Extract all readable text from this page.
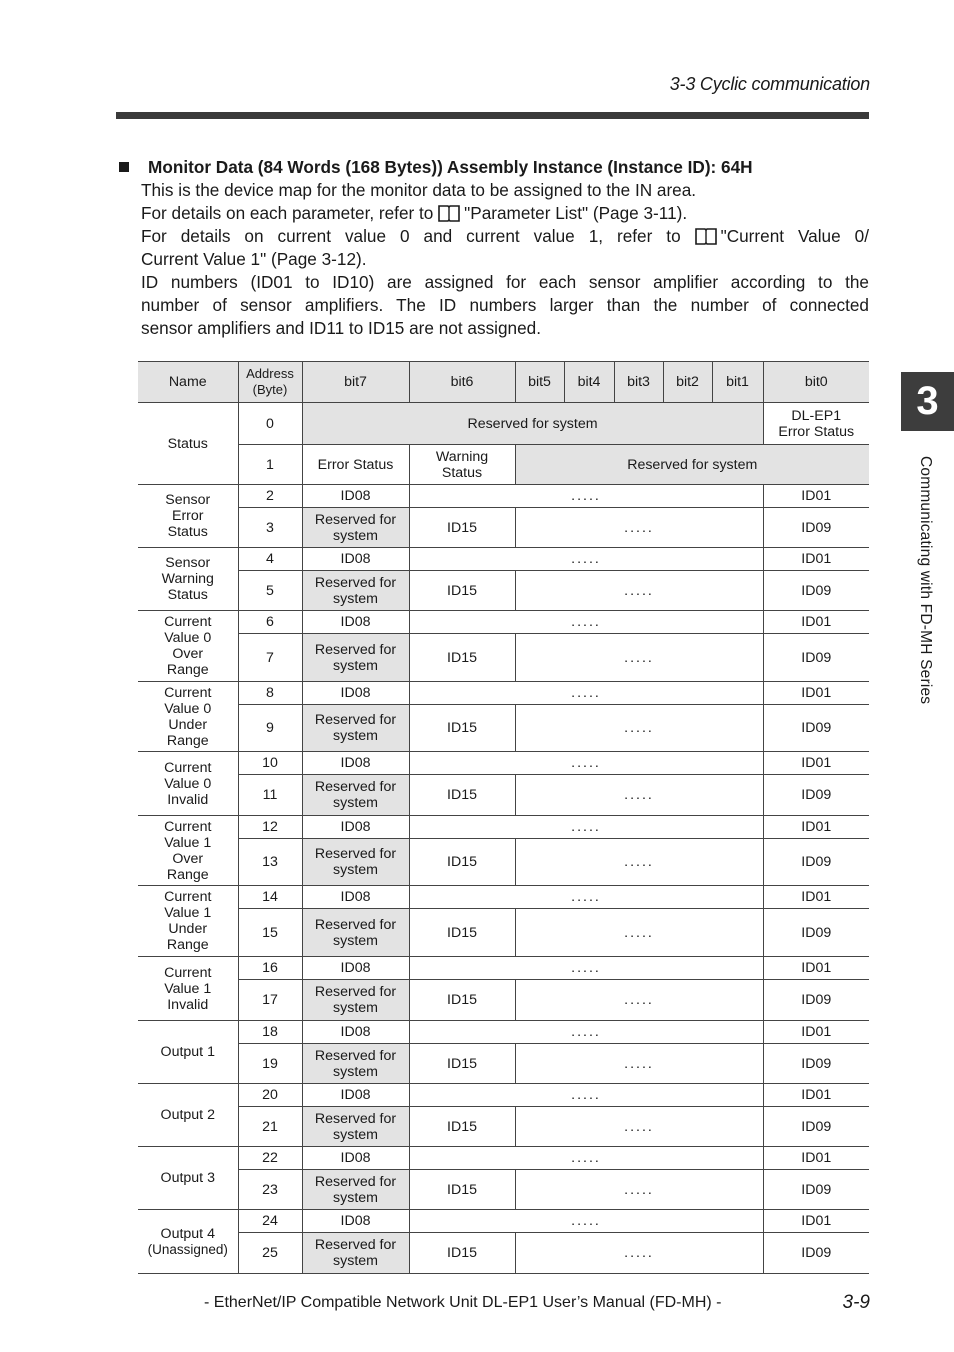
3-3 Cyclic communication
Monitor Data (84 Words (168 Bytes)) Assembly Instance (Instance ID): 64H
This is the device map for the monitor data to be assigned to the IN area.
For details on each parameter, refer to "Parameter List" (Page 3-11).
For details on current value 0 and current value 1, refer to "Current Value 0/
Current Value 1" (Page 3-12).
ID numbers (ID01 to ID10) are assigned for each sensor amplifier according to the
number of sensor amplifiers. The ID numbers larger than the number of connected
sensor amplifiers and ID11 to ID15 are not assigned.
Name	Address
(Byte)	bit7	bit6	bit5	bit4	bit3	bit2	bit1	bit0
Status	0	Reserved for system							DL-EP1
Error Status
	1	Error Status	Warning
Status	Reserved for system					
Sensor
Error
Status	2	ID08	.....						ID01
	3	Reserved for
system	ID15	.....					ID09
Sensor
Warning
Status	4	ID08	.....						ID01
	5	Reserved for
system	ID15	.....					ID09
Current
Value 0
Over
Range	6	ID08	.....						ID01
	7	Reserved for
system	ID15	.....					ID09
Current
Value 0
Under
Range	8	ID08	.....						ID01
	9	Reserved for
system	ID15	.....					ID09
Current
Value 0
Invalid	10	ID08	.....						ID01
	11	Reserved for
system	ID15	.....					ID09
Current
Value 1
Over
Range	12	ID08	.....						ID01
	13	Reserved for
system	ID15	.....					ID09
Current
Value 1
Under
Range	14	ID08	.....						ID01
	15	Reserved for
system	ID15	.....					ID09
Current
Value 1
Invalid	16	ID08	.....						ID01
	17	Reserved for
system	ID15	.....					ID09
Output 1	18	ID08	.....						ID01
	19	Reserved for
system	ID15	.....					ID09
Output 2	20	ID08	.....						ID01
	21	Reserved for
system	ID15	.....					ID09
Output 3	22	ID08	.....						ID01
	23	Reserved for
system	ID15	.....					ID09
Output 4
(Unassigned)	24	ID08	.....						ID01
	25	Reserved for
system	ID15	.....					ID09
3
Communicating with FD-MH Series
- EtherNet/IP Compatible Network Unit DL-EP1 User’s Manual (FD-MH) -	3-9
